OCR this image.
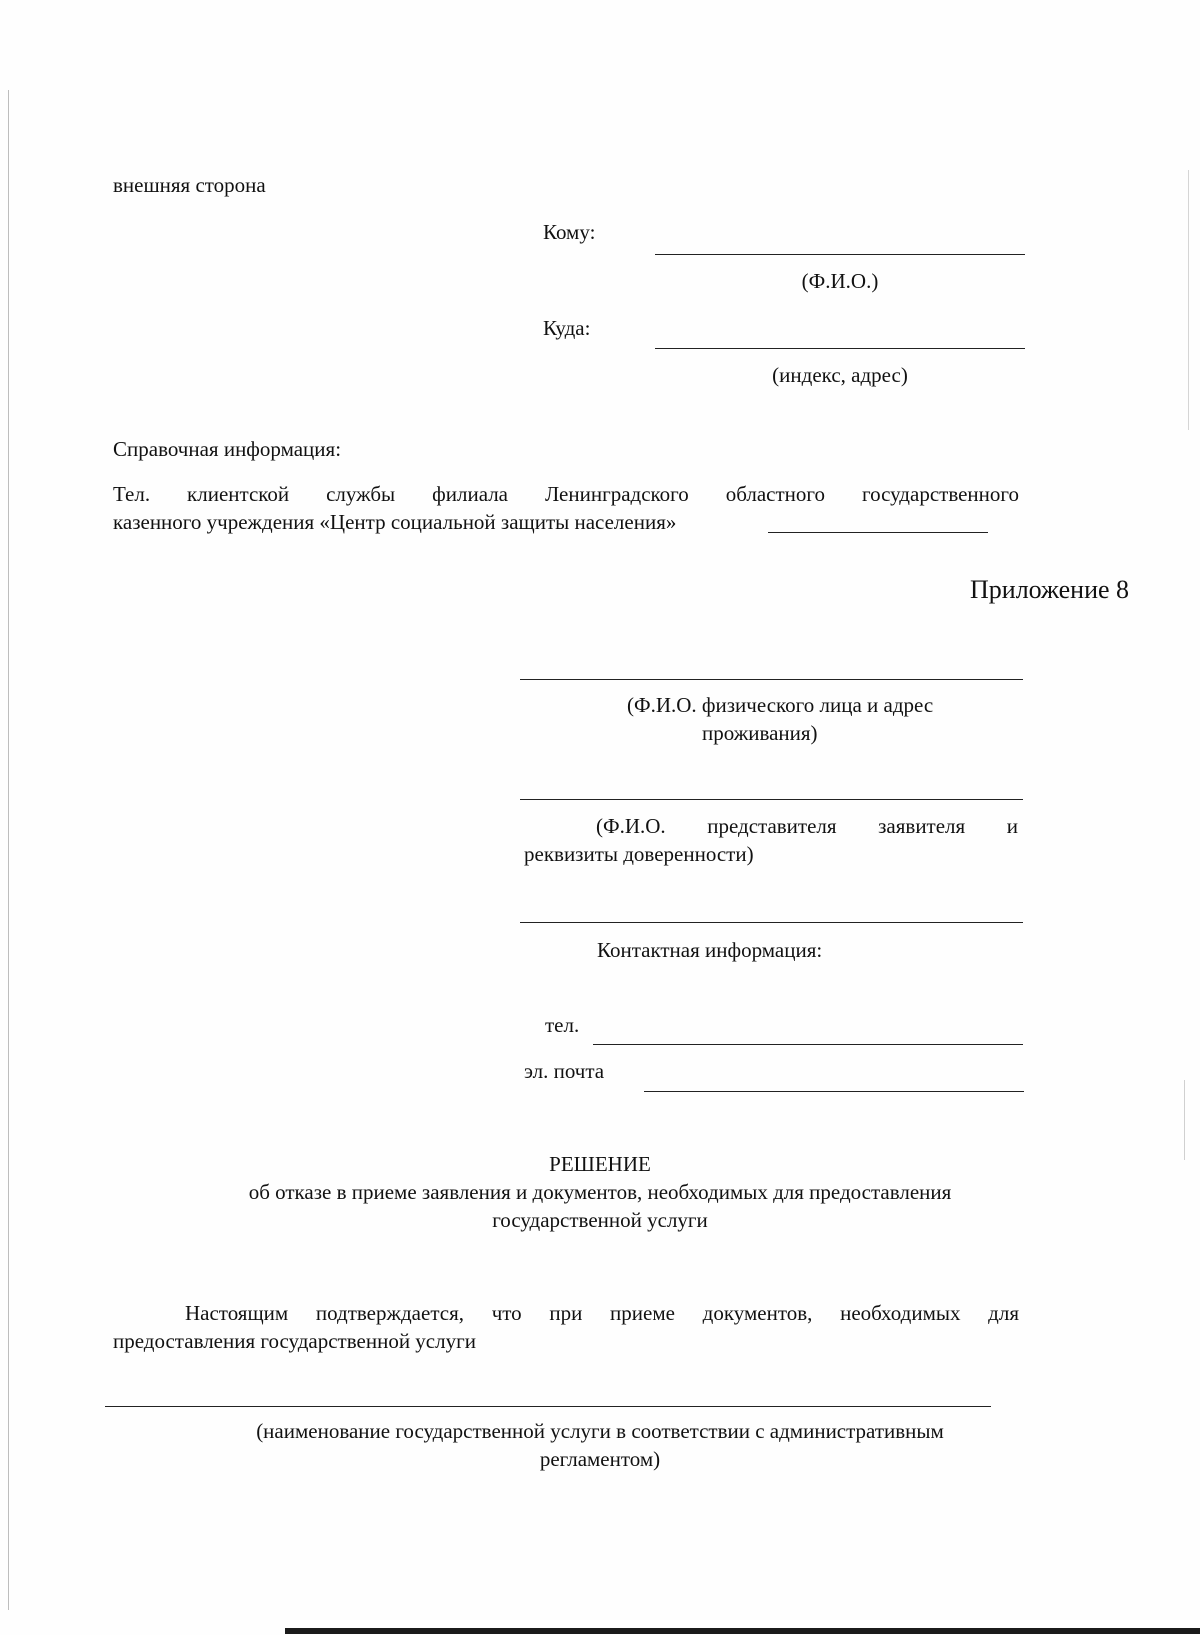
внешняя сторона
Кому:
(Ф.И.О.)
Куда:
(индекс, адрес)
Справочная информация:
Тел. клиентской службы филиала Ленинградского областного государственного
казенного учреждения «Центр социальной защиты населения»
Приложение 8
(Ф.И.О. физического лица и адрес
проживания)
(Ф.И.О. представителя заявителя и
реквизиты доверенности)
Контактная информация:
тел.
эл. почта
РЕШЕНИЕ
об отказе в приеме заявления и документов, необходимых для предоставления
государственной услуги
Настоящим подтверждается, что при приеме документов, необходимых для
предоставления государственной услуги
(наименование государственной услуги в соответствии с административным
регламентом)
